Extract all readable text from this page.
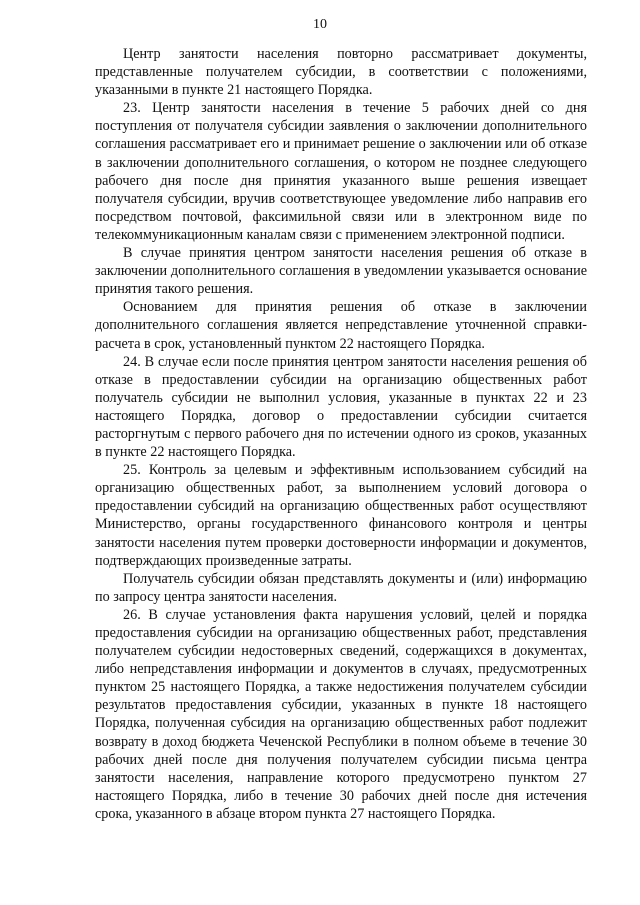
10

Центр занятости населения повторно рассматривает документы, представленные получателем субсидии, в соответствии с положениями, указанными в пункте 21 настоящего Порядка.

23. Центр занятости населения в течение 5 рабочих дней со дня поступления от получателя субсидии заявления о заключении дополнительного соглашения рассматривает его и принимает решение о заключении или об отказе в заключении дополнительного соглашения, о котором не позднее следующего рабочего дня после дня принятия указанного выше решения извещает получателя субсидии, вручив соответствующее уведомление либо направив его посредством почтовой, факсимильной связи или в электронном виде по телекоммуникационным каналам связи с применением электронной подписи.

В случае принятия центром занятости населения решения об отказе в заключении дополнительного соглашения в уведомлении указывается основание принятия такого решения.

Основанием для принятия решения об отказе в заключении дополнительного соглашения является непредставление уточненной справки-расчета в срок, установленный пунктом 22 настоящего Порядка.

24. В случае если после принятия центром занятости населения решения об отказе в предоставлении субсидии на организацию общественных работ получатель субсидии не выполнил условия, указанные в пунктах 22 и 23 настоящего Порядка, договор о предоставлении субсидии считается расторгнутым с первого рабочего дня по истечении одного из сроков, указанных в пункте 22 настоящего Порядка.

25. Контроль за целевым и эффективным использованием субсидий на организацию общественных работ, за выполнением условий договора о предоставлении субсидий на организацию общественных работ осуществляют Министерство, органы государственного финансового контроля и центры занятости населения путем проверки достоверности информации и документов, подтверждающих произведенные затраты.

Получатель субсидии обязан представлять документы и (или) информацию по запросу центра занятости населения.

26. В случае установления факта нарушения условий, целей и порядка предоставления субсидии на организацию общественных работ, представления получателем субсидии недостоверных сведений, содержащихся в документах, либо непредставления информации и документов в случаях, предусмотренных пунктом 25 настоящего Порядка, а также недостижения получателем субсидии результатов предоставления субсидии, указанных в пункте 18 настоящего Порядка, полученная субсидия на организацию общественных работ подлежит возврату в доход бюджета Чеченской Республики в полном объеме в течение 30 рабочих дней после дня получения получателем субсидии письма центра занятости населения, направление которого предусмотрено пунктом 27 настоящего Порядка, либо в течение 30 рабочих дней после дня истечения срока, указанного в абзаце втором пункта 27 настоящего Порядка.
